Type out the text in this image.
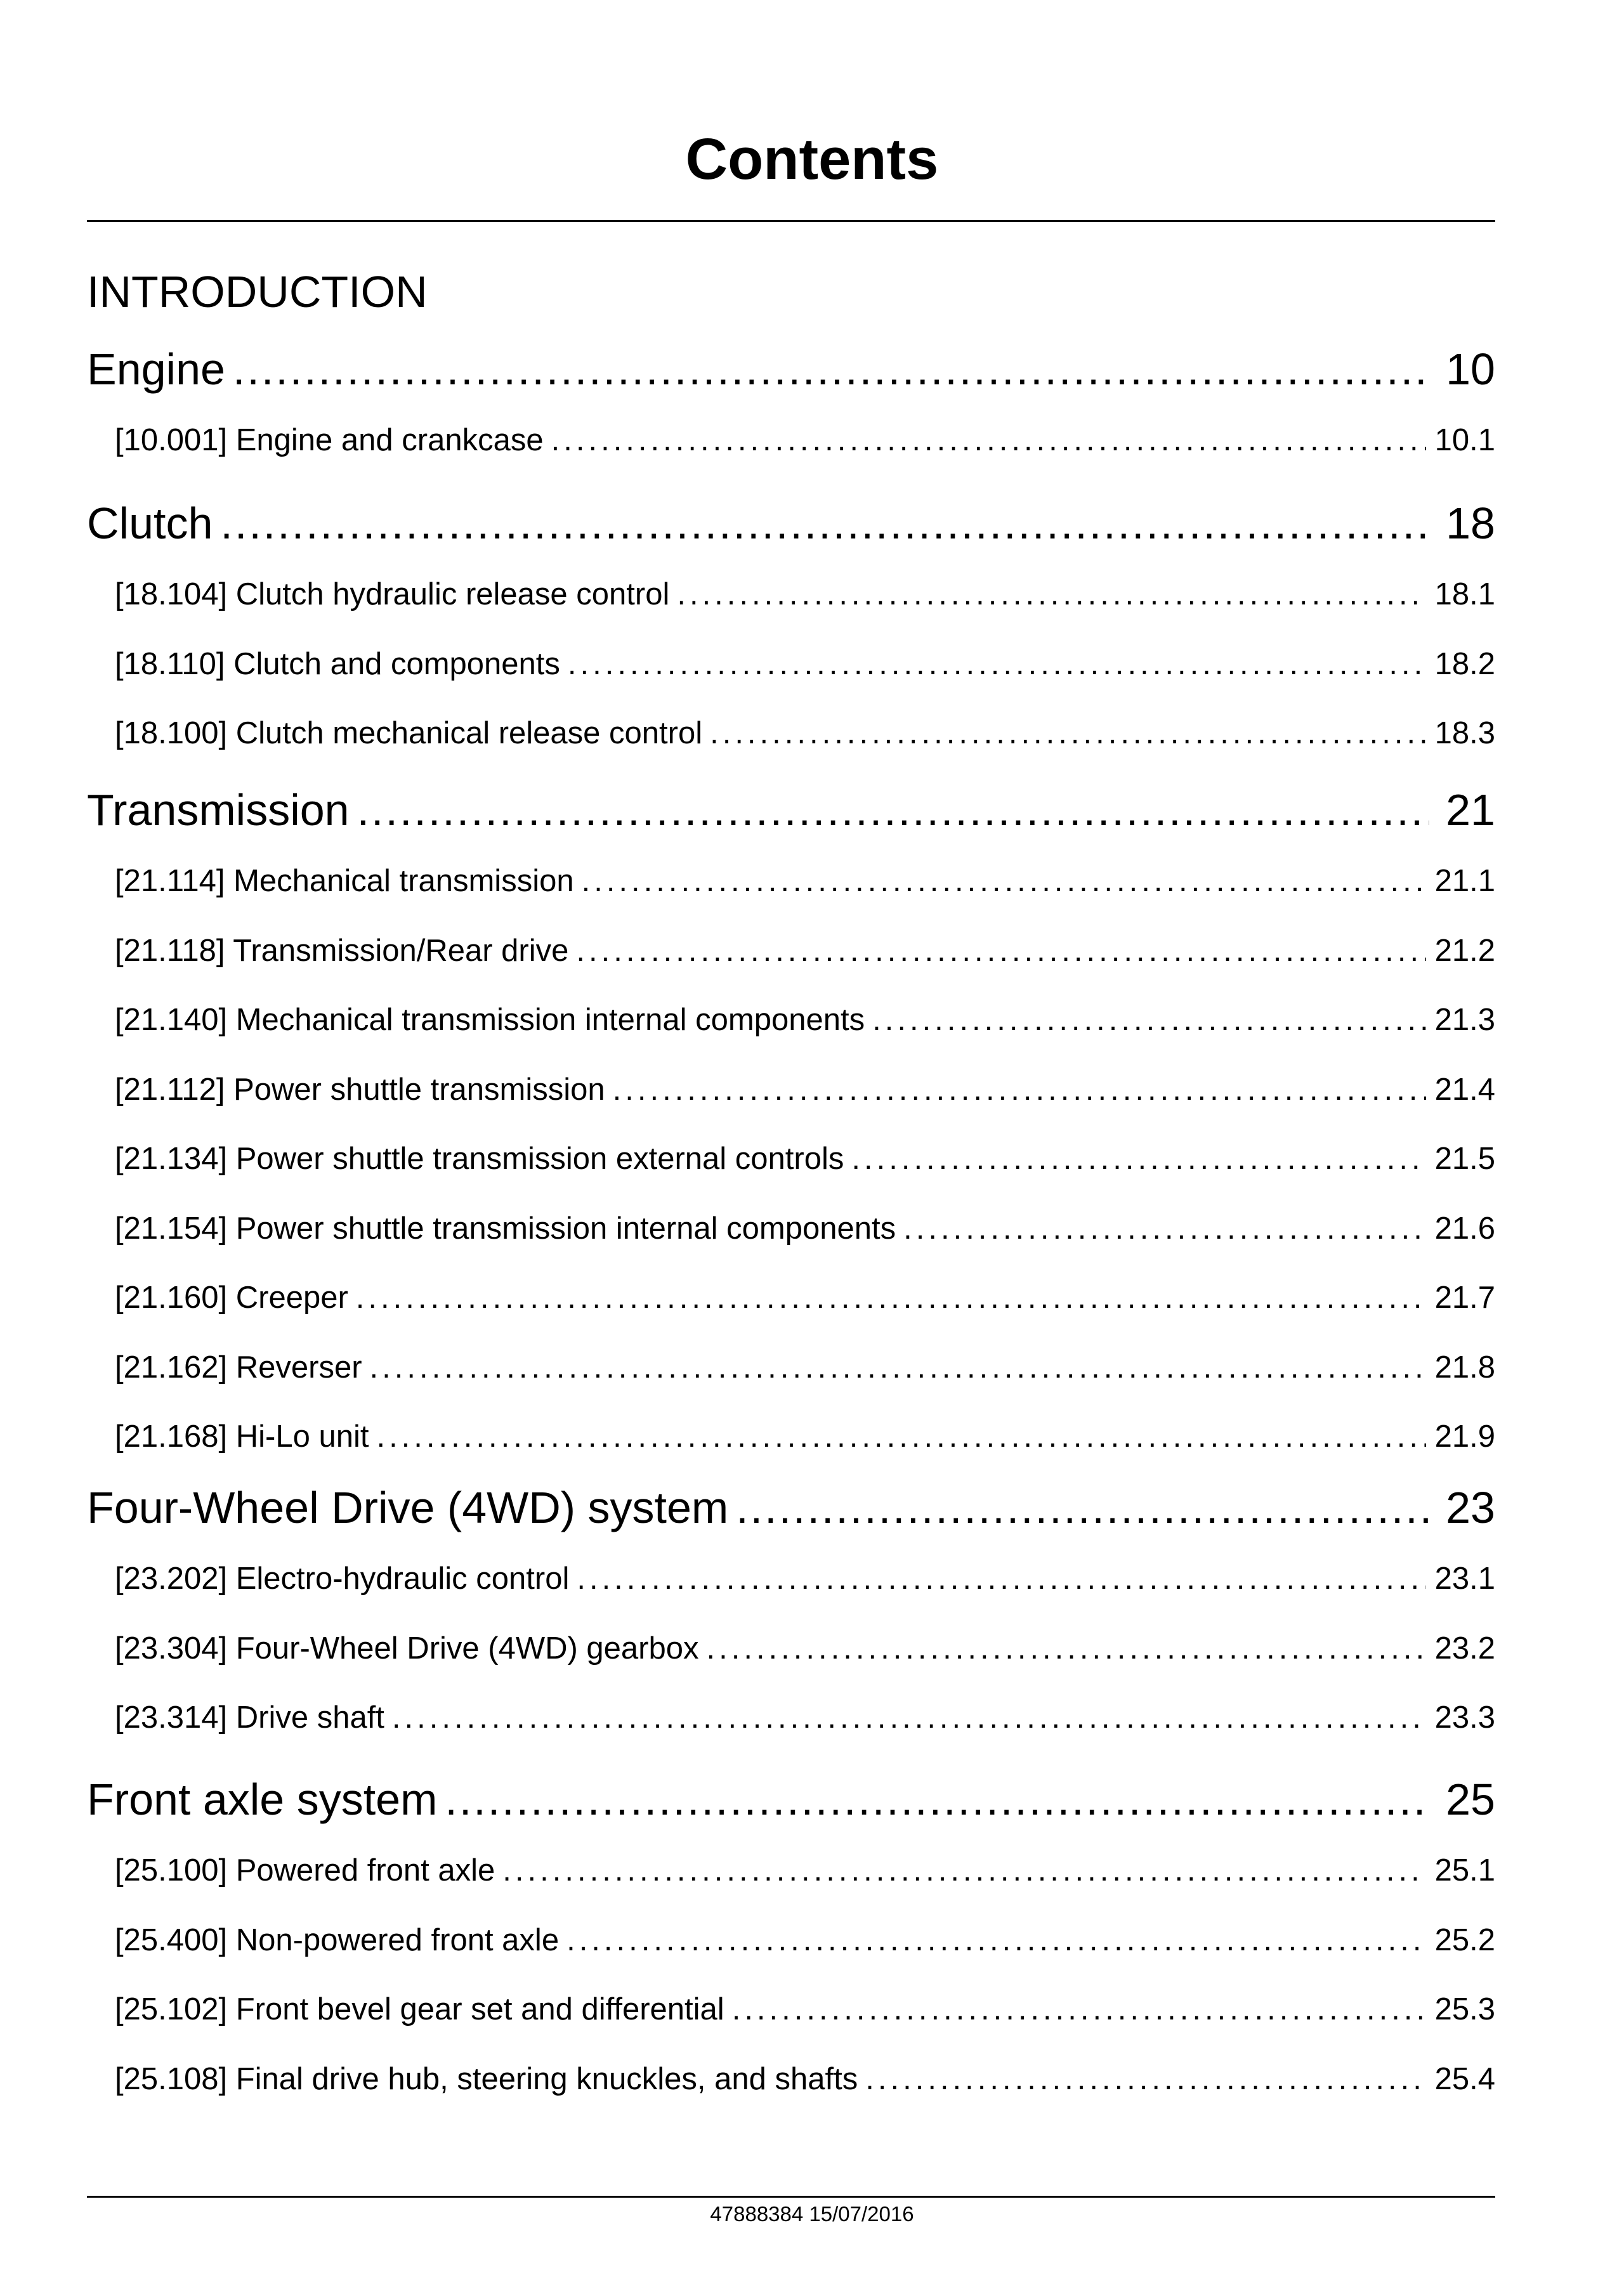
Contents
INTRODUCTION
Engine .....	10
[10.001] Engine and crankcase .....	10.1
Clutch .....	18
[18.104] Clutch hydraulic release control .....	18.1
[18.110] Clutch and components .....	18.2
[18.100] Clutch mechanical release control .....	18.3
Transmission .....	21
[21.114] Mechanical transmission .....	21.1
[21.118] Transmission/Rear drive .....	21.2
[21.140] Mechanical transmission internal components .....	21.3
[21.112] Power shuttle transmission .....	21.4
[21.134] Power shuttle transmission external controls .....	21.5
[21.154] Power shuttle transmission internal components .....	21.6
[21.160] Creeper .....	21.7
[21.162] Reverser .....	21.8
[21.168] Hi-Lo unit .....	21.9
Four-Wheel Drive (4WD) system .....	23
[23.202] Electro-hydraulic control .....	23.1
[23.304] Four-Wheel Drive (4WD) gearbox .....	23.2
[23.314] Drive shaft .....	23.3
Front axle system .....	25
[25.100] Powered front axle .....	25.1
[25.400] Non-powered front axle .....	25.2
[25.102] Front bevel gear set and differential .....	25.3
[25.108] Final drive hub, steering knuckles, and shafts .....	25.4
47888384 15/07/2016
